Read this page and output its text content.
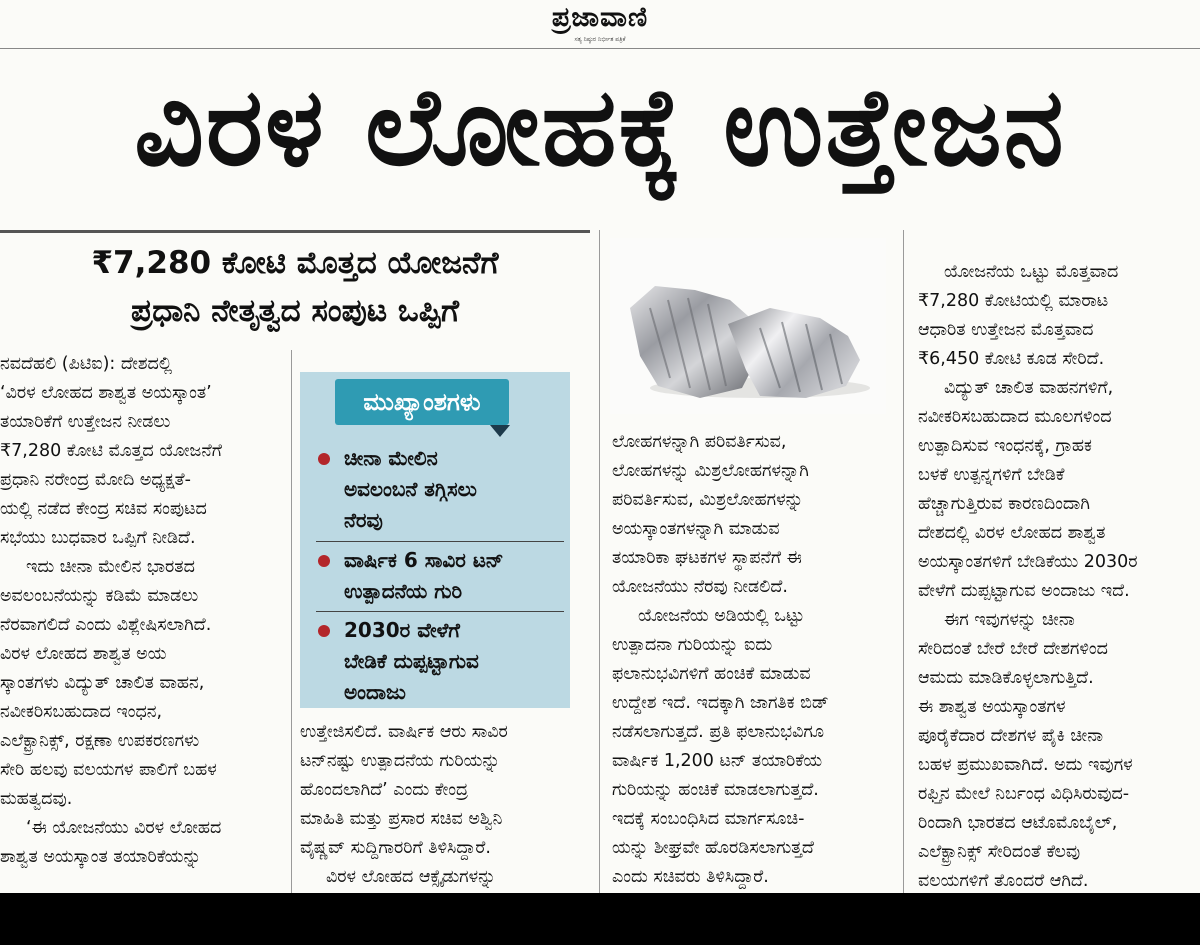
ಪ್ರಜಾವಾಣಿ
ಸತ್ಯ ನಿಷ್ಠುರ ನಿರ್ಭೀತ ಪತ್ರಿಕೆ
ವಿರಳ ಲೋಹಕ್ಕೆ ಉತ್ತೇಜನ
₹7,280 ಕೋಟಿ ಮೊತ್ತದ ಯೋಜನೆಗೆ
ಪ್ರಧಾನಿ ನೇತೃತ್ವದ ಸಂಪುಟ ಒಪ್ಪಿಗೆ

ನವದೆಹಲಿ (ಪಿಟಿಐ): ದೇಶದಲ್ಲಿ

‘ವಿರಳ ಲೋಹದ ಶಾಶ್ವತ ಅಯಸ್ಕಾಂತ’

ತಯಾರಿಕೆಗೆ ಉತ್ತೇಜನ ನೀಡಲು

₹7,280 ಕೋಟಿ ಮೊತ್ತದ ಯೋಜನೆಗೆ

ಪ್ರಧಾನಿ ನರೇಂದ್ರ ಮೋದಿ ಅಧ್ಯಕ್ಷತೆ-

ಯಲ್ಲಿ ನಡೆದ ಕೇಂದ್ರ ಸಚಿವ ಸಂಪುಟದ

ಸಭೆಯು ಬುಧವಾರ ಒಪ್ಪಿಗೆ ನೀಡಿದೆ.

ಇದು ಚೀನಾ ಮೇಲಿನ ಭಾರತದ

ಅವಲಂಬನೆಯನ್ನು ಕಡಿಮೆ ಮಾಡಲು

ನೆರವಾಗಲಿದೆ ಎಂದು ವಿಶ್ಲೇಷಿಸಲಾಗಿದೆ.

ವಿರಳ ಲೋಹದ ಶಾಶ್ವತ ಅಯ

ಸ್ಕಾಂತಗಳು ವಿದ್ಯುತ್ ಚಾಲಿತ ವಾಹನ,

ನವೀಕರಿಸಬಹುದಾದ ಇಂಧನ,

ಎಲೆಕ್ಟ್ರಾನಿಕ್ಸ್, ರಕ್ಷಣಾ ಉಪಕರಣಗಳು

ಸೇರಿ ಹಲವು ವಲಯಗಳ ಪಾಲಿಗೆ ಬಹಳ

ಮಹತ್ವದವು.

‘ಈ ಯೋಜನೆಯು ವಿರಳ ಲೋಹದ

ಶಾಶ್ವತ ಅಯಸ್ಕಾಂತ ತಯಾರಿಕೆಯನ್ನು

ಮುಖ್ಯಾಂಶಗಳು
ಚೀನಾ ಮೇಲಿನ
ಅವಲಂಬನೆ ತಗ್ಗಿಸಲು
ನೆರವು
ವಾರ್ಷಿಕ 6 ಸಾವಿರ ಟನ್
ಉತ್ಪಾದನೆಯ ಗುರಿ
2030ರ ವೇಳೆಗೆ
ಬೇಡಿಕೆ ದುಪ್ಪಟ್ಟಾಗುವ
ಅಂದಾಜು

ಉತ್ತೇಜಿಸಲಿದೆ. ವಾರ್ಷಿಕ ಆರು ಸಾವಿರ

ಟನ್‌ನಷ್ಟು ಉತ್ಪಾದನೆಯ ಗುರಿಯನ್ನು

ಹೊಂದಲಾಗಿದೆ’ ಎಂದು ಕೇಂದ್ರ

ಮಾಹಿತಿ ಮತ್ತು ಪ್ರಸಾರ ಸಚಿವ ಅಶ್ವಿನಿ

ವೈಷ್ಣವ್ ಸುದ್ದಿಗಾರರಿಗೆ ತಿಳಿಸಿದ್ದಾರೆ.

ವಿರಳ ಲೋಹದ ಆಕ್ಸೈಡುಗಳನ್ನು

ಲೋಹಗಳನ್ನಾಗಿ ಪರಿವರ್ತಿಸುವ,

ಲೋಹಗಳನ್ನು ಮಿಶ್ರಲೋಹಗಳನ್ನಾಗಿ

ಪರಿವರ್ತಿಸುವ, ಮಿಶ್ರಲೋಹಗಳನ್ನು

ಅಯಸ್ಕಾಂತಗಳನ್ನಾಗಿ ಮಾಡುವ

ತಯಾರಿಕಾ ಘಟಕಗಳ ಸ್ಥಾಪನೆಗೆ ಈ

ಯೋಜನೆಯು ನೆರವು ನೀಡಲಿದೆ.

ಯೋಜನೆಯ ಅಡಿಯಲ್ಲಿ ಒಟ್ಟು

ಉತ್ಪಾದನಾ ಗುರಿಯನ್ನು ಐದು

ಫಲಾನುಭವಿಗಳಿಗೆ ಹಂಚಿಕೆ ಮಾಡುವ

ಉದ್ದೇಶ ಇದೆ. ಇದಕ್ಕಾಗಿ ಜಾಗತಿಕ ಬಿಡ್

ನಡೆಸಲಾಗುತ್ತದೆ. ಪ್ರತಿ ಫಲಾನುಭವಿಗೂ

ವಾರ್ಷಿಕ 1,200 ಟನ್ ತಯಾರಿಕೆಯ

ಗುರಿಯನ್ನು ಹಂಚಿಕೆ ಮಾಡಲಾಗುತ್ತದೆ.

ಇದಕ್ಕೆ ಸಂಬಂಧಿಸಿದ ಮಾರ್ಗಸೂಚಿ-

ಯನ್ನು ಶೀಘ್ರವೇ ಹೊರಡಿಸಲಾಗುತ್ತದೆ

ಎಂದು ಸಚಿವರು ತಿಳಿಸಿದ್ದಾರೆ.

ಯೋಜನೆಯ ಒಟ್ಟು ಮೊತ್ತವಾದ

₹7,280 ಕೋಟಿಯಲ್ಲಿ ಮಾರಾಟ

ಆಧಾರಿತ ಉತ್ತೇಜನ ಮೊತ್ತವಾದ

₹6,450 ಕೋಟಿ ಕೂಡ ಸೇರಿದೆ.

ವಿದ್ಯುತ್ ಚಾಲಿತ ವಾಹನಗಳಿಗೆ,

ನವೀಕರಿಸಬಹುದಾದ ಮೂಲಗಳಿಂದ

ಉತ್ಪಾದಿಸುವ ಇಂಧನಕ್ಕೆ, ಗ್ರಾಹಕ

ಬಳಕೆ ಉತ್ಪನ್ನಗಳಿಗೆ ಬೇಡಿಕೆ

ಹೆಚ್ಚಾಗುತ್ತಿರುವ ಕಾರಣದಿಂದಾಗಿ

ದೇಶದಲ್ಲಿ ವಿರಳ ಲೋಹದ ಶಾಶ್ವತ

ಅಯಸ್ಕಾಂತಗಳಿಗೆ ಬೇಡಿಕೆಯು 2030ರ

ವೇಳೆಗೆ ದುಪ್ಪಟ್ಟಾಗುವ ಅಂದಾಜು ಇದೆ.

ಈಗ ಇವುಗಳನ್ನು ಚೀನಾ

ಸೇರಿದಂತೆ ಬೇರೆ ಬೇರೆ ದೇಶಗಳಿಂದ

ಆಮದು ಮಾಡಿಕೊಳ್ಳಲಾಗುತ್ತಿದೆ.

ಈ ಶಾಶ್ವತ ಅಯಸ್ಕಾಂತಗಳ

ಪೂರೈಕೆದಾರ ದೇಶಗಳ ಪೈಕಿ ಚೀನಾ

ಬಹಳ ಪ್ರಮುಖವಾಗಿದೆ. ಅದು ಇವುಗಳ

ರಫ್ತಿನ ಮೇಲೆ ನಿರ್ಬಂಧ ವಿಧಿಸಿರುವುದ-

ರಿಂದಾಗಿ ಭಾರತದ ಆಟೊಮೊಬೈಲ್,

ಎಲೆಕ್ಟ್ರಾನಿಕ್ಸ್ ಸೇರಿದಂತೆ ಕೆಲವು

ವಲಯಗಳಿಗೆ ತೊಂದರೆ ಆಗಿದೆ.
